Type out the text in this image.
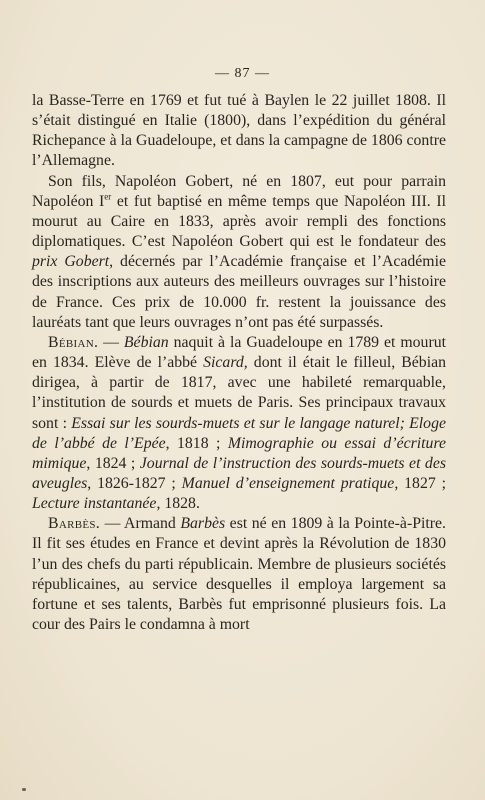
— 87 —

la Basse-Terre en 1769 et fut tué à Baylen le 22 juillet 1808. Il s’était distingué en Italie (1800), dans l’expédition du général Richepance à la Guadeloupe, et dans la campagne de 1806 contre l’Allemagne.

Son fils, Napoléon Gobert, né en 1807, eut pour parrain Napoléon Ier et fut baptisé en même temps que Napoléon III. Il mourut au Caire en 1833, après avoir rempli des fonctions diplomatiques. C’est Napoléon Gobert qui est le fondateur des prix Gobert, décernés par l’Académie française et l’Académie des inscriptions aux auteurs des meilleurs ouvrages sur l’histoire de France. Ces prix de 10.000 fr. restent la jouissance des lauréats tant que leurs ouvrages n’ont pas été surpassés.

Bébian. — Bébian naquit à la Guadeloupe en 1789 et mourut en 1834. Elève de l’abbé Sicard, dont il était le filleul, Bébian dirigea, à partir de 1817, avec une habileté remarquable, l’institution de sourds et muets de Paris. Ses principaux travaux sont : Essai sur les sourds-muets et sur le langage naturel; Eloge de l’abbé de l’Epée, 1818 ; Mimographie ou essai d’écriture mimique, 1824 ; Journal de l’instruction des sourds-muets et des aveugles, 1826-1827 ; Manuel d’enseignement pratique, 1827 ; Lecture instantanée, 1828.

Barbès. — Armand Barbès est né en 1809 à la Pointe-à-Pitre. Il fit ses études en France et devint après la Révolution de 1830 l’un des chefs du parti républicain. Membre de plusieurs sociétés républicaines, au service desquelles il employa largement sa fortune et ses talents, Barbès fut emprisonné plusieurs fois. La cour des Pairs le condamna à mort
